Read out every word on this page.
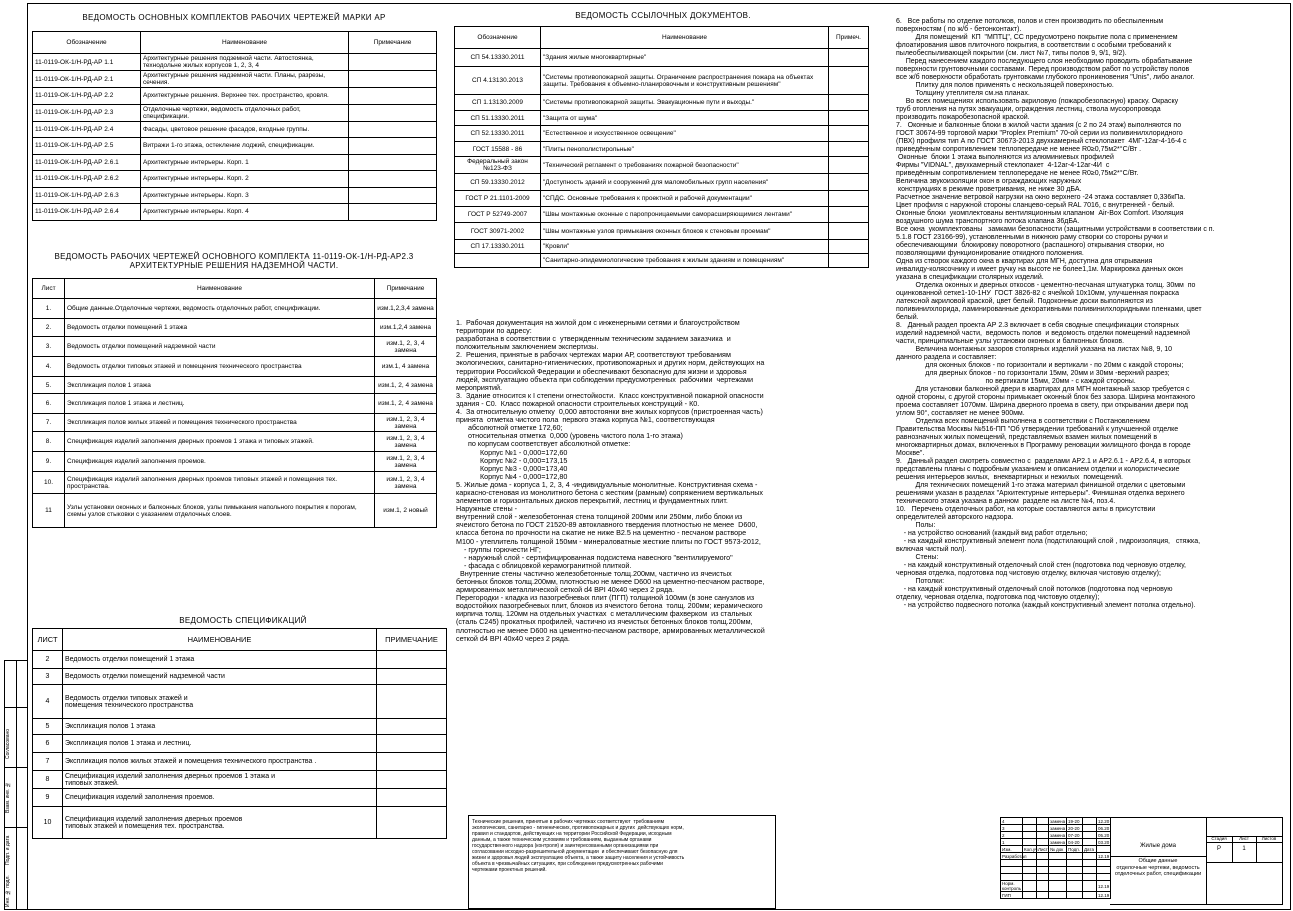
ВЕДОМОСТЬ ОСНОВНЫХ КОМПЛЕКТОВ РАБОЧИХ ЧЕРТЕЖЕЙ МАРКИ АР
Обозначение	Наименование	Примечание
11-0119-ОК-1/Н-РД-АР 1.1	Архитектурные решения подземной части. Автостоянка, технодольне жилых корпусов 1, 2, 3, 4	
11-0119-ОК-1/Н-РД-АР 2.1	Архитектурные решения надземной части. Планы, разрезы, сечения.	
11-0119-ОК-1/Н-РД-АР 2.2	Архитектурные решения. Верхнее тех. пространство, кровля.	
11-0119-ОК-1/Н-РД-АР 2.3	Отделочные чертежи, ведомость отделочных работ, спецификации.	
11-0119-ОК-1/Н-РД-АР 2.4	Фасады, цветовое решение фасадов, входные группы.	
11-0119-ОК-1/Н-РД-АР 2.5	Витражи 1-го этажа, остекление лоджий, спецификации.	
11-0119-ОК-1/Н-РД-АР 2.6.1	Архитектурные интерьеры. Корп. 1	
11-0119-ОК-1/Н-РД-АР 2.6.2	Архитектурные интерьеры. Корп. 2	
11-0119-ОК-1/Н-РД-АР 2.6.3	Архитектурные интерьеры. Корп. 3	
11-0119-ОК-1/Н-РД-АР 2.6.4	Архитектурные интерьеры. Корп. 4	
ВЕДОМОСТЬ РАБОЧИХ ЧЕРТЕЖЕЙ ОСНОВНОГО КОМПЛЕКТА 11-0119-ОК-1/Н-РД-АР2.3
АРХИТЕКТУРНЫЕ РЕШЕНИЯ НАДЗЕМНОЙ ЧАСТИ.
Лист	Наименование	Примечание
1.	Общие данные.Отделочные чертежи, ведомость отделочных работ, спецификации.	изм.1,2,3,4 замена
2.	Ведомость отделки помещений 1 этажа	изм.1,2,4 замена
3.	Ведомость отделки помещений надземной части	изм.1, 2, 3, 4 замена
4.	Ведомость отделки типовых этажей и помещения технического пространства	изм.1, 4 замена
5.	Экспликация полов 1 этажа	изм.1, 2, 4 замена
6.	Экспликация полов 1 этажа и лестниц.	изм.1, 2, 4 замена
7.	Экспликация полов жилых этажей и помещения технического пространства	изм.1, 2, 3, 4 замена
8.	Спецификация изделий заполнения дверных проемов 1 этажа и типовых этажей.	изм.1, 2, 3, 4 замена
9.	Спецификация изделий заполнения проемов.	изм.1, 2, 3, 4 замена
10.	Спецификация изделий заполнения дверных проемов типовых этажей и помещения тех. пространства.	изм.1, 2, 3, 4 замена
11	Узлы установки оконных и балконных блоков, узлы пимыкания напольного покрытия к порогам, схемы узлов стыковки с указанием отделочных слоев.	изм.1, 2 новый
ВЕДОМОСТЬ СПЕЦИФИКАЦИЙ
ЛИСТ	НАИМЕНОВАНИЕ	ПРИМЕЧАНИЕ
2	Ведомость отделки помещений 1 этажа	
3	Ведомость отделки помещений надземной части	
4	Ведомость отделки типовых этажей и
помещения технического пространства	
5	Экспликация полов 1 этажа	
6	Экспликация полов 1 этажа и лестниц.	
7	Экспликация полов жилых этажей и помещения технического пространства .	
8	Спецификация изделий заполнения дверных проемов 1 этажа и
типовых этажей.	
9	Спецификация изделий заполнения проемов.	
10	Спецификация изделий заполнения дверных проемов
типовых этажей и помещения тех. пространства.	
ВЕДОМОСТЬ ССЫЛОЧНЫХ ДОКУМЕНТОВ.
Обозначение	Наименование	Примеч.
СП 54.13330.2011	"Здания жилые многоквартирные"	
СП 4.13130.2013	"Системы противопожарной защиты. Ограничение распространения пожара на объектах защиты. Требования к объемно-планировочным и конструктивным решениям"	
СП 1.13130.2009	"Системы противопожарной защиты. Эвакуационные пути и выходы."	
СП 51.13330.2011	"Защита от шума"	
СП 52.13330.2011	"Естественное и искусственное освещение"	
ГОСТ 15588 - 86	"Плиты пенополистирольные"	
Федеральный закон №123-ФЗ	"Технический регламент о требованиях пожарной безопасности"	
СП 59.13330.2012	"Доступность зданий и сооружений для маломобильных групп населения"	
ГОСТ Р 21.1101-2009	"СПДС. Основные требования к проектной и рабочей документации"	
ГОСТ Р 52749-2007	"Швы монтажные оконные с паропроницаемыми саморасширяющимися лентами"	
ГОСТ 30971-2002	"Швы монтажные узлов примыкания оконных блоков к стеновым проемам"	
СП 17.13330.2011	"Кровли"	
	"Санитарно-эпидемиологические требования к жилым зданиям и помещениям"	
1.  Рабочая документация на жилой дом с инженерными сетями и благоустройством
территории по адресу:
разработана в соответствии с  утвержденным техническим заданием заказчика  и
положительным заключением экспертизы.
2.  Решения, принятые в рабочих чертежах марки АР, соответствуют требованиям
экологических, санитарно-гигиенических, противопожарных и других норм, действующих на
территории Российской Федерации и обеспечивают безопасную для жизни и здоровья
людей, эксплуатацию объекта при соблюдении предусмотренных  рабочими  чертежами
мероприятий.
3.  Здание относится к I степени огнестойкости.  Класс конструктивной пожарной опасности
здания - С0.  Класс пожарной опасности строительных конструкций - К0.
4.  За относительную отметку  0,000 автостоянки вне жилых корпусов (пристроенная часть)
принята  отметка чистого пола  первого этажа корпуса №1, соответствующая
абсолютной отметке 172,60;
относительная отметка  0,000 (уровень чистого пола 1-го этажа)
по корпусам соответствует абсолютной отметке:
Корпус №1 - 0,000=172,60
Корпус №2 - 0,000=173,15
Корпус №3 - 0,000=173,40
Корпус №4 - 0,000=172,80
5. Жилые дома - корпуса 1, 2, 3, 4 -индивидуальные монолитные. Конструктивная схема -
каркасно-стеновая из монолитного бетона с жестким (рамным) сопряжением вертикальных
элементов и горизонтальных дисков перекрытий, лестниц и фундаментных плит.
Наружные стены -
внутренний слой - железобетонная стена толщиной 200мм или 250мм, либо блоки из
ячеистого бетона по ГОСТ 21520-89 автоклавного твердения плотностью не менее  D600,
класса бетона по прочности на сжатие не ниже В2.5 на цементно - песчаном растворе
М100 - утеплитель толщиной 150мм - минераловатные жесткие плиты по ГОСТ 9573-2012,
- группы горючести НГ;
- наружный слой - сертифицированная подсистема навесного "вентилируемого"
- фасада с облицовкой керамогранитной плиткой.
Внутренние стены частично железобетонные толщ.200мм, частично из ячеистых
бетонных блоков толщ.200мм, плотностью не менее D600 на цементно-песчаном растворе,
армированных металлической сеткой d4 BPI 40x40 через 2 ряда.
Перегородки - кладка из пазогребневых плит (ПГП) толщиной 100мм (в зоне санузлов из
водостойких пазогребневых плит, блоков из ячеистого бетона  толщ. 200мм; керамического
кирпича толщ. 120мм на отдельных участках  с металлическим фахверком  из стальных
(сталь С245) прокатных профилей, частично из ячеистых бетонных блоков толщ.200мм,
плотностью не менее D600 на цементно-песчаном растворе, армированных металлической
сеткой d4 BPI 40x40 через 2 ряда.
Технические решения, принятые в рабочих чертежах соответствуют  требованиям
экологических, санитарно - гигиенических, противопожарных и других  действующих норм,
правил и стандартов, действующих на территории Российской Федерации, исходным
данным, а также техническим условиям и требованиям, выданным органами
государственного надзора (контроля) и заинтересованными организациями при
согласовании исходно-разрешительной документации  и обеспечивают безопасную для
жизни и здоровья людей эксплуатацию объекта, а также защиту населения и устойчивость
объекта в чрезвычайных ситуациях, при соблюдении предусмотренных рабочими
чертежами проектных решений.
6.   Все работы по отделке потолков, полов и стен производить по обеспыленным
поверхностям ( по ж/б - бетонконтакт).
Для помещений  КП  "МПТЦ", СС предусмотрено покрытие пола с применением
флоатирования швов плиточного покрытия, в соответствии с особыми требований к
пылеобеспыливающей покрытии (см. лист №7, типы полов 9, 9/1, 9/2).
Перед нанесением каждого последующего слоя необходимо проводить обрабатывание
поверхности грунтовочными составами. Перед производством работ по устройству полов
все ж/б поверхности обработать грунтовками глубокого проникновения "Unis", либо аналог.
Плитку для полов применять с нескользящей поверхностью.
Толщину утеплителя см.на планах.
Во всех помещениях использовать акриловую (пожаробезопасную) краску. Окраску
труб отопления на путях эвакуации, ограждения лестниц, ствола мусоропровода
производить пожаробезопасной краской.
7.   Оконные и балконные блоки в жилой части здания (с 2 по 24 этаж) выполняются по
ГОСТ 30674-99 торговой марки "Proplex Premium" 70-ой серии из поливинилхлоридного
(ПВХ) профиля тип А по ГОСТ 30673-2013 двухкамерный стеклопакет  4МГ-12аг-4-16-4 с
приведённым сопротивлением теплопередаче не менее R0≥0,75м2*°С/Вт .
Оконные  блоки 1 этажа выполняются из алюминиевых профилей
Фирмы "VIDNAL", двухкамерный стеклопакет  4-12аг-4-12аг-4И  с
приведённым сопротивлением теплопередаче не менее R0≥0,75м2*°С/Вт.
Величина звукоизоляции окон в ограждающих наружных
конструкциях в режиме проветривания, не ниже 30 дБА.
Расчетное значение ветровой нагрузки на окно верхнего -24 этажа составляет 0,336кПа.
Цвет профиля с наружной стороны сланцево-серый RAL 7016, с внутренней - белый.
Оконные блоки  укомплектованы вентиляционным клапаном  Air-Box Comfort. Изоляция
воздушного шума транспортного потока клапана 36дБА.
Все окна  укомплектованы   замками безопасности (защитными устройствами в соответствии с п.
5.1.8 ГОСТ 23166-99), установленными в нижнюю раму створки со стороны ручки и
обеспечивающими  блокировку поворотного (распашного) открывания створки, но
позволяющими функционирование откидного положения.
Одна из створок каждого окна в квартирах для МГН, доступна для открывания
инвалиду-колясочнику и имеет ручку на высоте не более1,1м. Маркировка данных окон
указана в спецификации столярных изделий.
Отделка оконных и дверных откосов - цементно-песчаная штукатурка толщ. 30мм  по
оцинкованной сетке1-10-1НУ  ГОСТ 3826-82 с ячейкой 10х10мм, улучшенная покраска
латексной акриловой краской, цвет белый. Подоконные доски выполняются из
поливинилхлорида, ламинированные декоративными поливинилхлоридными пленками, цвет
белый.
8.   Данный раздел проекта АР 2.3 включает в себя сводные спецификации столярных
изделий надземной части,  ведомость полов  и ведомость отделки помещений надземной
части, принципиальные узлы установки оконных и балконных блоков.
Величина монтажных зазоров столярных изделий указана на листах №8, 9, 10
данного раздела и составляет:
для оконных блоков - по горизонтали и вертикали - по 20мм с каждой стороны;
для дверных блоков - по горизонтали 15мм, 20мм и 30мм -верхний разрез;
по вертикали 15мм, 20мм - с каждой стороны.
Для установки балконной двери в квартирах для МГН монтажный зазор требуется с
одной стороны, с другой стороны примыкает оконный блок без зазора. Ширина монтажного
проема составляет 1070мм. Ширина дверного проема в свету, при открывании двери под
углом 90°, составляет не менее 900мм.
Отделка всех помещений выполнена в соответствии с Постановлением
Правительства Москвы №516-ПП "Об утверждении требований к улучшенной отделке
равнозначных жилых помещений, представляемых взамен жилых помещений в
многоквартирных домах, включенных в Программу реновации жилищного фонда в городе
Москве".
9.   Данный раздел смотреть совместно с  разделами АР2.1 и АР2.6.1 - АР2.6.4, в которых
представлены планы с подробным указанием и описанием отделки и колористические
решения интерьеров жилых,  внеквартирных и нежилых  помещений.
Для технических помещений 1-го этажа материал финишной отделки с цветовыми
решениями указан в разделах "Архитектурные интерьеры". Финишная отделка верхнего
технического этажа указана в данном  разделе на листе №4, поз.4.
10.   Перечень отделочных работ, на которые составляются акты в присутствии
определителей авторского надзора.
Полы:
- на устройство оснований (каждый вид работ отдельно;
- на каждый конструктивный элемент пола (подстилающий слой , гидроизоляция,   стяжка,
включая чистый пол).
Стены:
- на каждый конструктивный отделочный слой стен (подготовка под черновую отделку,
черновая отделка, подготовка под чистовую отделку, включая чистовую отделку);
Потолки:
- на каждый конструктивный отделочный слой потолков (подготовка под черновую
отделку, черновая отделка, подготовка под чистовую отделку);
- на устройство подвесного потолка (каждый конструктивный элемент потолка отдельно).
4			замена	19-20		12.20
3			замена	20-20		06.20
2			замена	07-20		05.20
1			замена	04-20		03.20
Изм.	Кол.уч	Лист	№ док	Подп.	Дата	
Разработал						12.19

Норм. контроль						12.19
ГИП						12.19
Жилые дома
Общие данные
отделочные чертежи, ведомость
отделочных работ, спецификации
Стадия	Лист	Листов
Р	1
Согласовано
Взам. инв. №
Подп. и дата
Инв. № подл.
